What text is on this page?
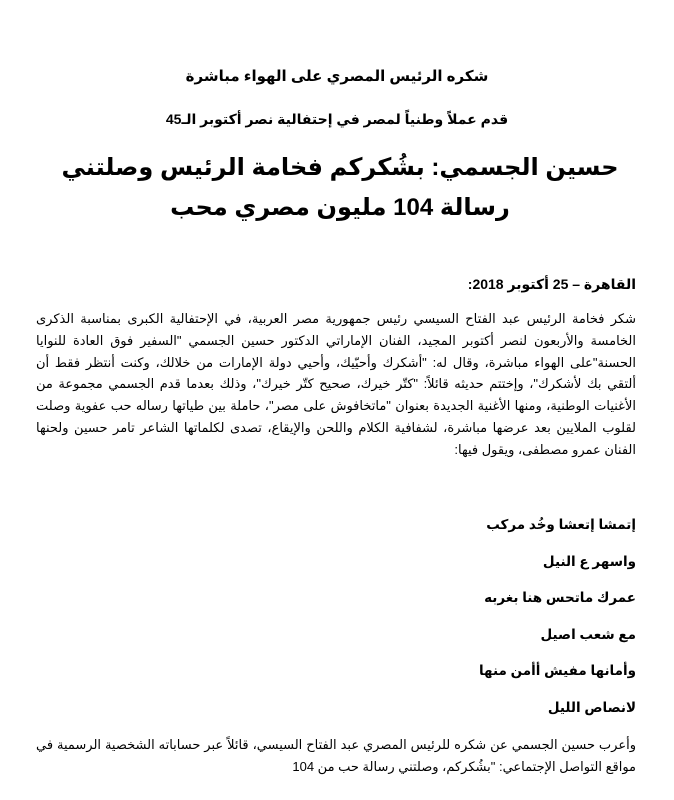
شكره الرئيس المصري على الهواء مباشرة
قدم عملاً وطنياً لمصر في إحتفالية نصر أكتوبر الـ45
حسين الجسمي: بشُكركم فخامة الرئيس وصلتني رسالة 104 مليون مصري محب
القاهرة – 25 أكتوبر 2018:
شكر فخامة الرئيس عبد الفتاح السيسي رئيس جمهورية مصر العربية، في الإحتفالية الكبرى بمناسبة الذكرى الخامسة والأربعون لنصر أكتوبر المجيد، الفنان الإماراتي الدكتور حسين الجسمي "السفير فوق العادة للنوايا الحسنة"على الهواء مباشرة، وقال له: "أشكرك وأحيّيك، وأحيي دولة الإمارات من خلالك، وكنت أنتظر فقط أن ألتقي بك لأشكرك"، وإختتم حديثه قائلاً: "كتّر خيرك، صحيح كتّر خيرك"، وذلك بعدما قدم الجسمي مجموعة من الأغنيات الوطنية، ومنها الأغنية الجديدة بعنوان "ماتخافوش على مصر"، حاملة بين طياتها رساله حب عفوية وصلت لقلوب الملايين بعد عرضها مباشرة، لشفافية الكلام واللحن والإيقاع، تصدى لكلماتها الشاعر تامر حسين ولحنها الفنان عمرو مصطفى، ويقول فيها:
إتمشا إتعشا وخُد مركب
واسهر ع النيل
عمرك ماتحس هنا بغربه
مع شعب اصيل
وأمانها مفيش أأمن منها
لانصاص الليل
وأعرب حسين الجسمي عن شكره للرئيس المصري عبد الفتاح السيسي، قائلاً عبر حساباته الشخصية الرسمية في مواقع التواصل الإجتماعي: "بشُكركم، وصلتني رسالة حب من 104
